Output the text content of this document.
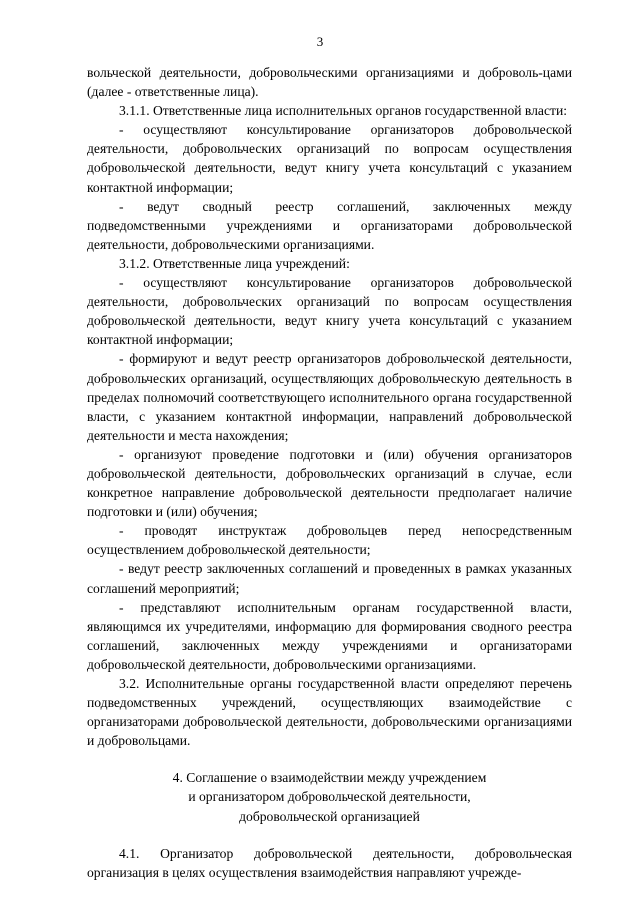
3

вольческой деятельности, добровольческими организациями и доброволь-цами (далее - ответственные лица).

3.1.1. Ответственные лица исполнительных органов государственной власти:

- осуществляют консультирование организаторов добровольческой деятельности, добровольческих организаций по вопросам осуществления добровольческой деятельности, ведут книгу учета консультаций с указанием контактной информации;

- ведут сводный реестр соглашений, заключенных между подведомственными учреждениями и организаторами добровольческой деятельности, добровольческими организациями.

3.1.2. Ответственные лица учреждений:

- осуществляют консультирование организаторов добровольческой деятельности, добровольческих организаций по вопросам осуществления добровольческой деятельности, ведут книгу учета консультаций с указанием контактной информации;

- формируют и ведут реестр организаторов добровольческой деятельности, добровольческих организаций, осуществляющих добровольческую деятельность в пределах полномочий соответствующего исполнительного органа государственной власти, с указанием контактной информации, направлений добровольческой деятельности и места нахождения;

- организуют проведение подготовки и (или) обучения организаторов добровольческой деятельности, добровольческих организаций в случае, если конкретное направление добровольческой деятельности предполагает наличие подготовки и (или) обучения;

- проводят инструктаж добровольцев перед непосредственным осуществлением добровольческой деятельности;

- ведут реестр заключенных соглашений и проведенных в рамках указанных соглашений мероприятий;

- представляют исполнительным органам государственной власти, являющимся их учредителями, информацию для формирования сводного реестра соглашений, заключенных между учреждениями и организаторами добровольческой деятельности, добровольческими организациями.

3.2. Исполнительные органы государственной власти определяют перечень подведомственных учреждений, осуществляющих взаимодействие с организаторами добровольческой деятельности, добровольческими организациями и добровольцами.

4. Соглашение о взаимодействии между учреждением
и организатором добровольческой деятельности,
добровольческой организацией

4.1. Организатор добровольческой деятельности, добровольческая организация в целях осуществления взаимодействия направляют учрежде-
